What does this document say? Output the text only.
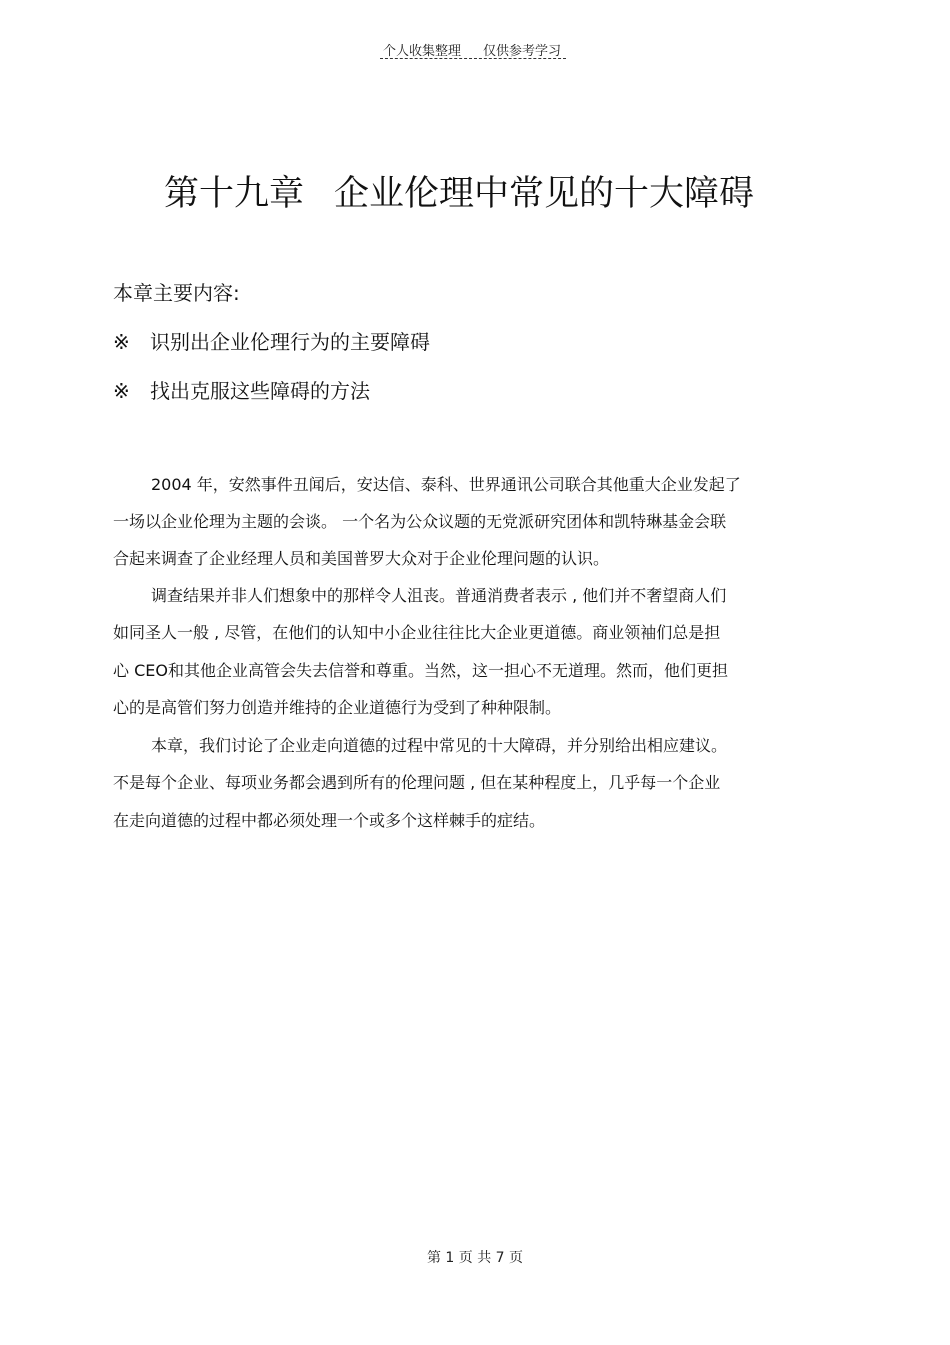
个人收集整理 仅供参考学习
第十九章 企业伦理中常见的十大障碍
本章主要内容:
※ 识别出企业伦理行为的主要障碍
※ 找出克服这些障碍的方法
2004 年，安然事件丑闻后，安达信、泰科、世界通讯公司联合其他重大企业发起了
一场以企业伦理为主题的会谈。 一个名为公众议题的无党派研究团体和凯特琳基金会联
合起来调查了企业经理人员和美国普罗大众对于企业伦理问题的认识。
调查结果并非人们想象中的那样令人沮丧。普通消费者表示 , 他们并不奢望商人们
如同圣人一般 , 尽管，在他们的认知中小企业往往比大企业更道德。商业领袖们总是担
心 CEO和其他企业高管会失去信誉和尊重。当然，这一担心不无道理。然而，他们更担
心的是高管们努力创造并维持的企业道德行为受到了种种限制。
本章，我们讨论了企业走向道德的过程中常见的十大障碍，并分别给出相应建议。
不是每个企业、每项业务都会遇到所有的伦理问题 , 但在某种程度上，几乎每一个企业
在走向道德的过程中都必须处理一个或多个这样棘手的症结。
第 1 页 共 7 页
